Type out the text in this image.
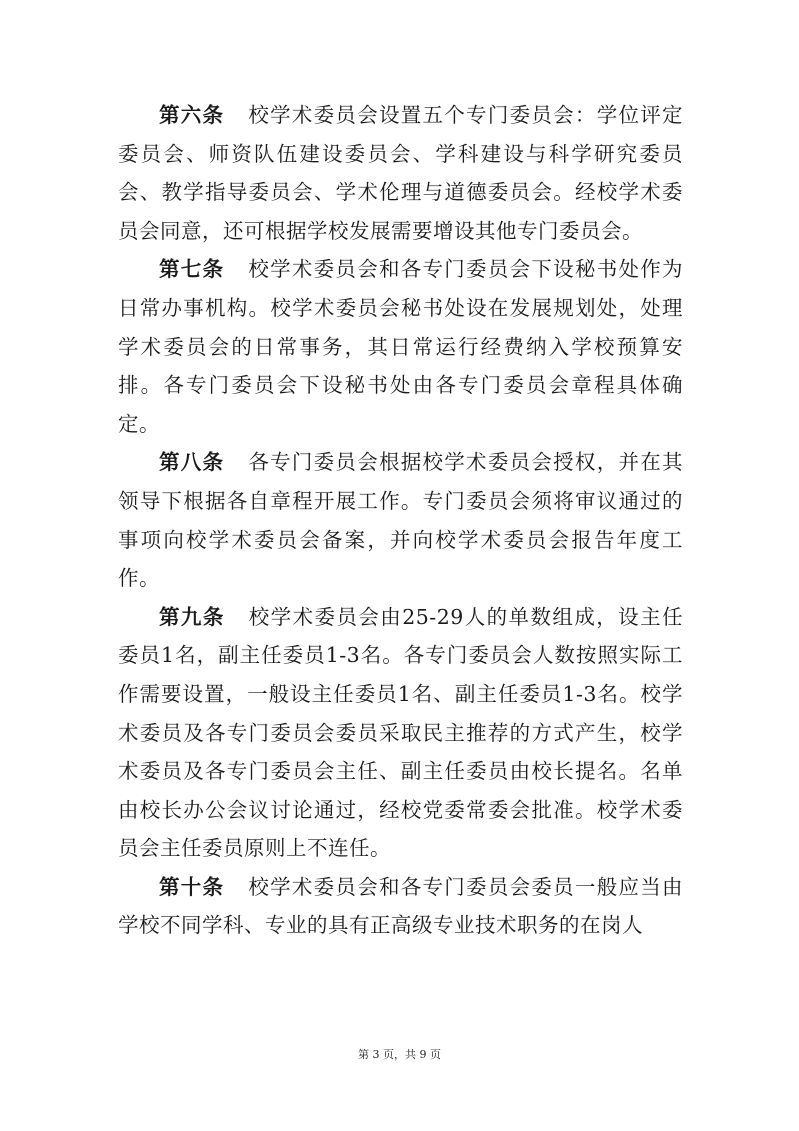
第六条 校学术委员会设置五个专门委员会：学位评定委员会、师资队伍建设委员会、学科建设与科学研究委员会、教学指导委员会、学术伦理与道德委员会。经校学术委员会同意，还可根据学校发展需要增设其他专门委员会。

第七条 校学术委员会和各专门委员会下设秘书处作为日常办事机构。校学术委员会秘书处设在发展规划处，处理学术委员会的日常事务，其日常运行经费纳入学校预算安排。各专门委员会下设秘书处由各专门委员会章程具体确定。

第八条 各专门委员会根据校学术委员会授权，并在其领导下根据各自章程开展工作。专门委员会须将审议通过的事项向校学术委员会备案，并向校学术委员会报告年度工作。

第九条 校学术委员会由25-29人的单数组成，设主任委员1名，副主任委员1-3名。各专门委员会人数按照实际工作需要设置，一般设主任委员1名、副主任委员1-3名。校学术委员及各专门委员会委员采取民主推荐的方式产生，校学术委员及各专门委员会主任、副主任委员由校长提名。名单由校长办公会议讨论通过，经校党委常委会批准。校学术委员会主任委员原则上不连任。

第十条 校学术委员会和各专门委员会委员一般应当由学校不同学科、专业的具有正高级专业技术职务的在岗人

第 3 页，共 9 页
